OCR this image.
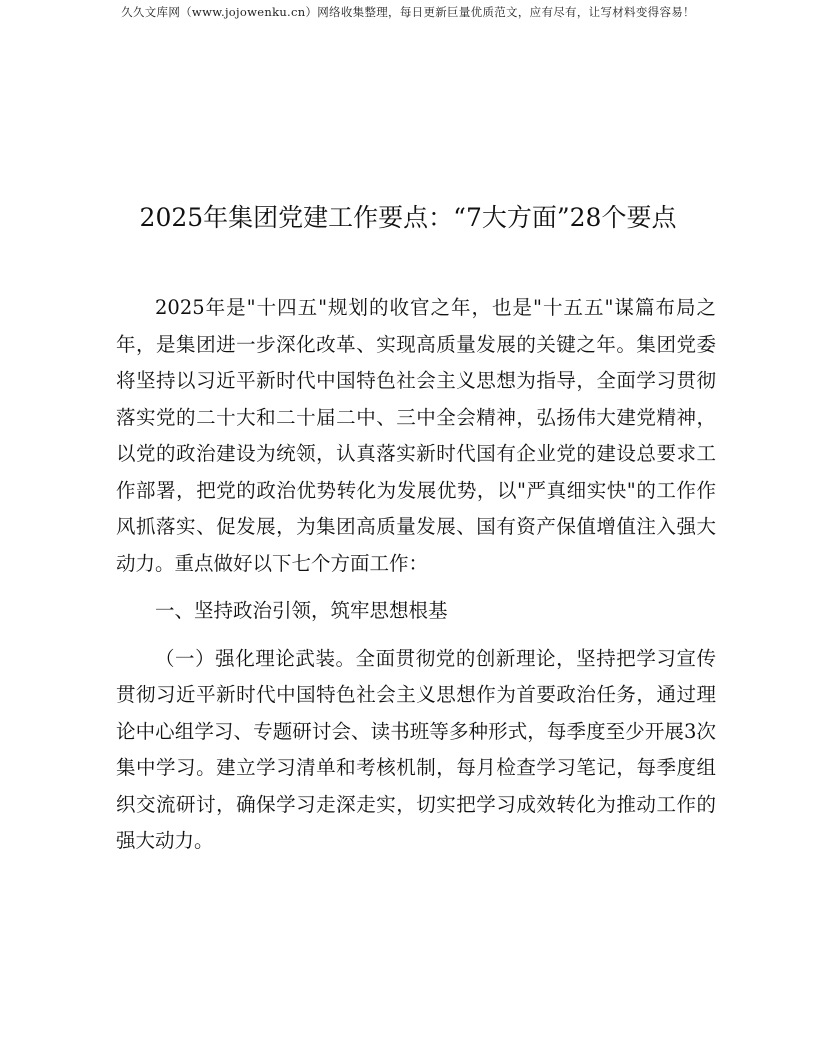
久久文库网（www.jojowenku.cn）网络收集整理，每日更新巨量优质范文，应有尽有，让写材料变得容易！
2025年集团党建工作要点：“7大方面”28个要点

2025年是"十四五"规划的收官之年，也是"十五五"谋篇布局之年，是集团进一步深化改革、实现高质量发展的关键之年。集团党委将坚持以习近平新时代中国特色社会主义思想为指导，全面学习贯彻落实党的二十大和二十届二中、三中全会精神，弘扬伟大建党精神，以党的政治建设为统领，认真落实新时代国有企业党的建设总要求工作部署，把党的政治优势转化为发展优势，以"严真细实快"的工作作风抓落实、促发展，为集团高质量发展、国有资产保值增值注入强大动力。重点做好以下七个方面工作：

一、坚持政治引领，筑牢思想根基

（一）强化理论武装。全面贯彻党的创新理论，坚持把学习宣传贯彻习近平新时代中国特色社会主义思想作为首要政治任务，通过理论中心组学习、专题研讨会、读书班等多种形式，每季度至少开展3次集中学习。建立学习清单和考核机制，每月检查学习笔记，每季度组织交流研讨，确保学习走深走实，切实把学习成效转化为推动工作的强大动力。
